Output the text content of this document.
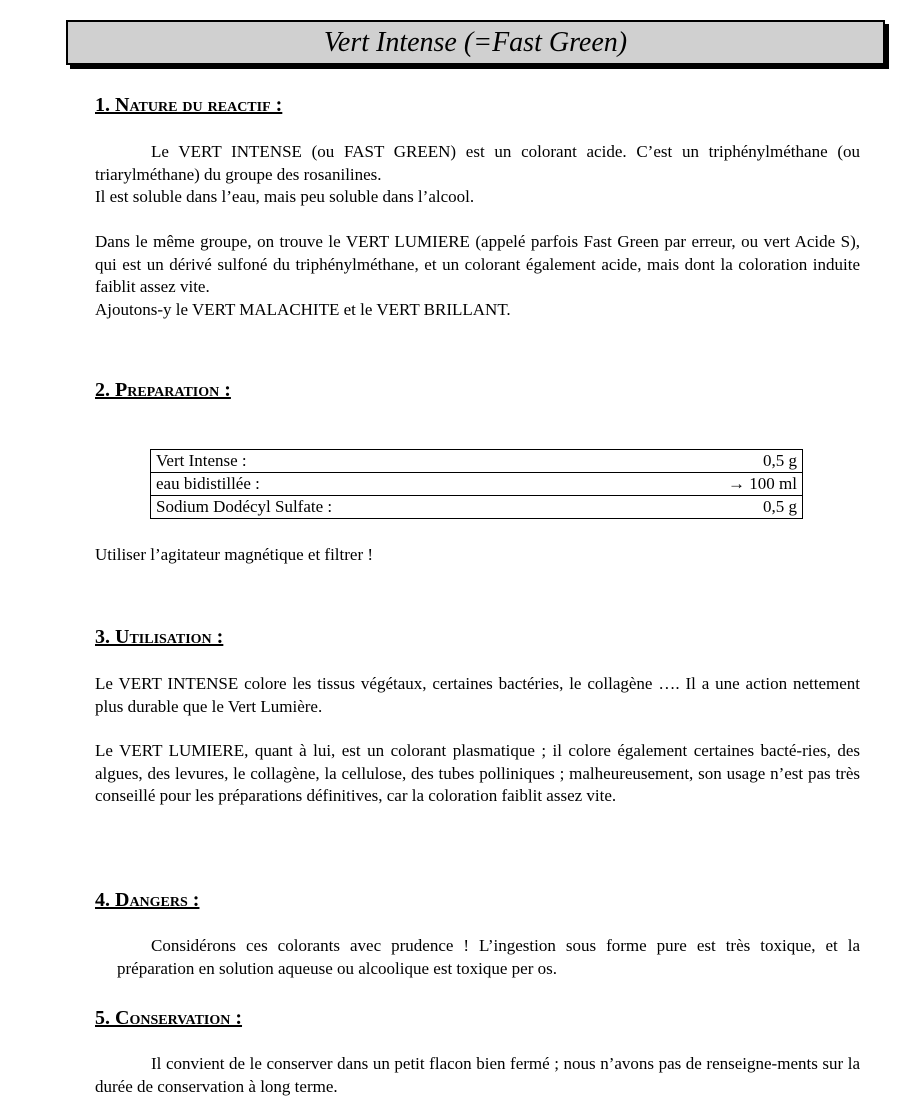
Vert Intense (=Fast Green)
1. Nature du reactif :

Le VERT INTENSE (ou FAST GREEN) est un colorant acide. C’est un triphénylméthane (ou triarylméthane) du groupe des rosanilines.
Il est soluble dans l’eau, mais peu soluble dans l’alcool.

Dans le même groupe, on trouve le VERT LUMIERE (appelé parfois Fast Green par erreur, ou vert Acide S), qui est un dérivé sulfoné du triphénylméthane, et un colorant également acide, mais dont la coloration induite faiblit assez vite.
Ajoutons-y le VERT MALACHITE et le VERT BRILLANT.

2. Preparation :
Vert Intense :	0,5 g
eau bidistillée :	→ 100 ml
Sodium Dodécyl Sulfate :	0,5 g

Utiliser l’agitateur magnétique et filtrer !

3. Utilisation :

Le VERT INTENSE colore les tissus végétaux, certaines bactéries, le collagène …. Il a une action nettement plus durable que le Vert Lumière.

Le VERT LUMIERE, quant à lui, est un colorant plasmatique ; il colore également certaines bacté-ries, des algues, des levures, le collagène, la cellulose, des tubes polliniques ; malheureusement, son usage n’est pas très conseillé pour les préparations définitives, car la coloration faiblit assez vite.

4. Dangers :

Considérons ces colorants avec prudence ! L’ingestion sous forme pure est très toxique, et la préparation en solution aqueuse ou alcoolique est toxique per os.

5. Conservation :

Il convient de le conserver dans un petit flacon bien fermé ; nous n’avons pas de renseigne-ments sur la durée de conservation à long terme.
